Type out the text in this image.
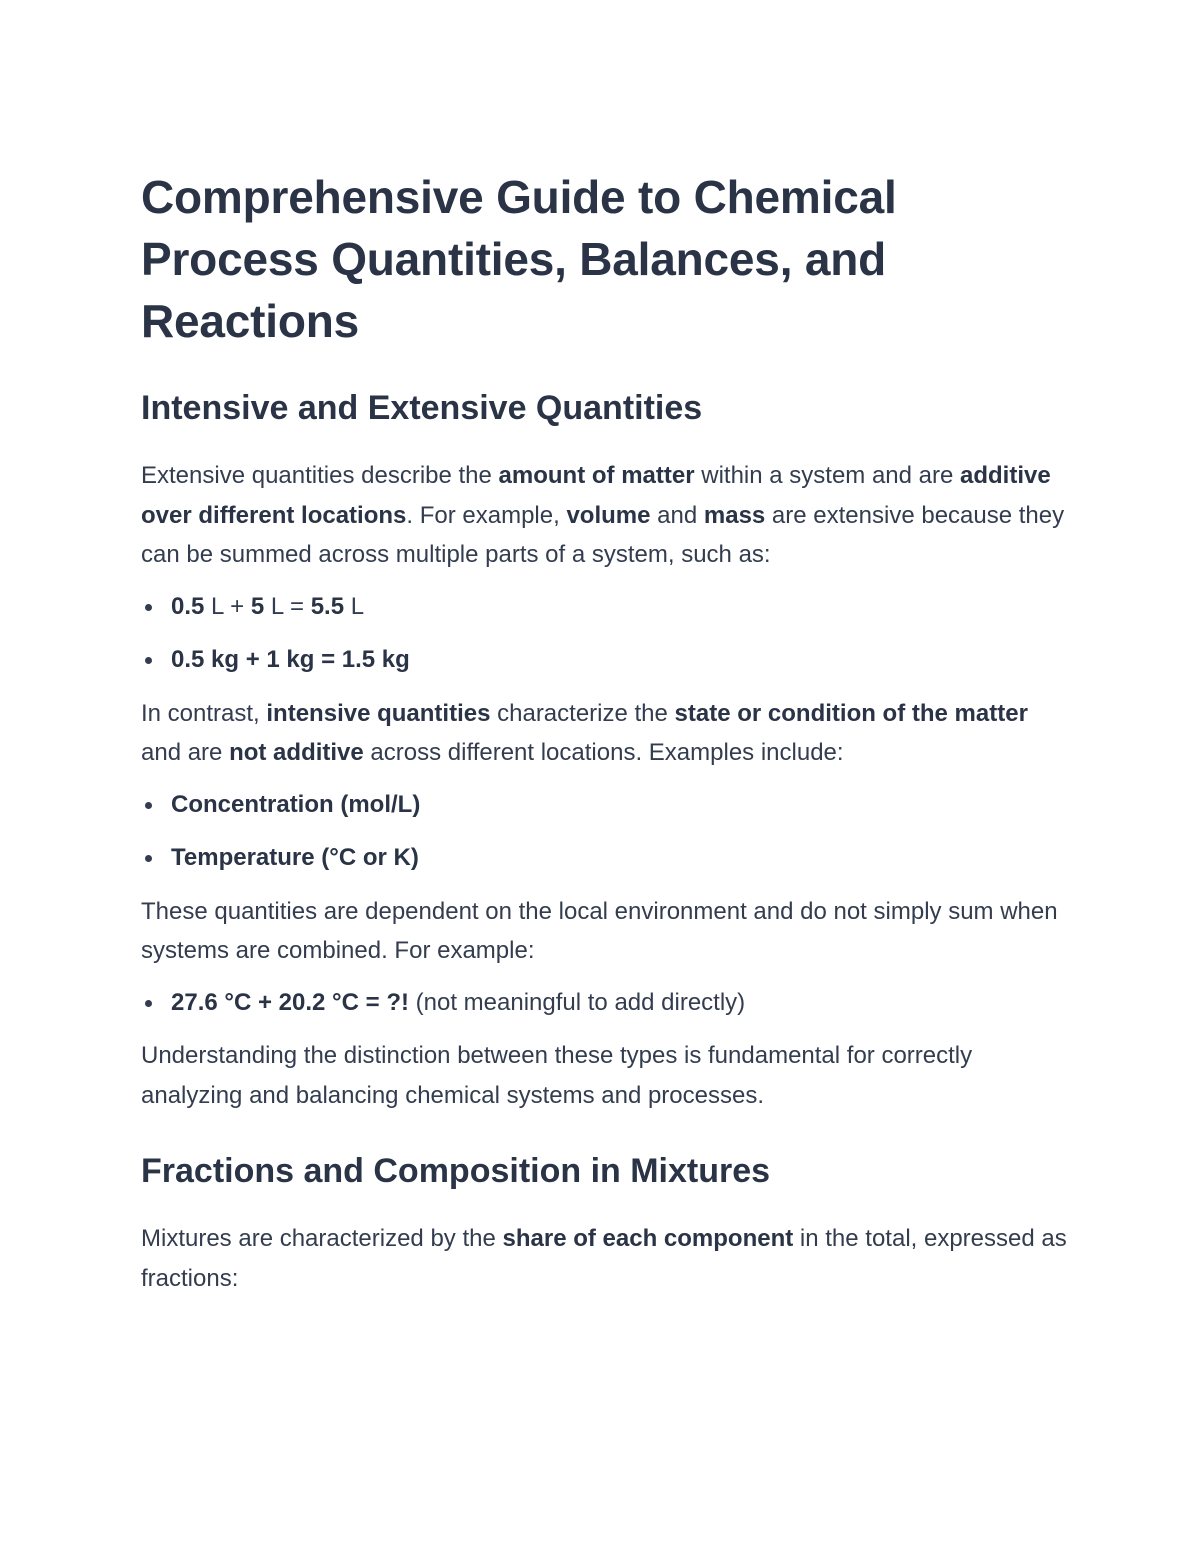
Comprehensive Guide to Chemical Process Quantities, Balances, and Reactions
Intensive and Extensive Quantities

Extensive quantities describe the amount of matter within a system and are additive over different locations. For example, volume and mass are extensive because they can be summed across multiple parts of a system, such as:

0.5 L + 5 L = 5.5 L
0.5 kg + 1 kg = 1.5 kg

In contrast, intensive quantities characterize the state or condition of the matter and are not additive across different locations. Examples include:

Concentration (mol/L)
Temperature (°C or K)

These quantities are dependent on the local environment and do not simply sum when systems are combined. For example:

27.6 °C + 20.2 °C = ?! (not meaningful to add directly)

Understanding the distinction between these types is fundamental for correctly analyzing and balancing chemical systems and processes.

Fractions and Composition in Mixtures

Mixtures are characterized by the share of each component in the total, expressed as fractions:
